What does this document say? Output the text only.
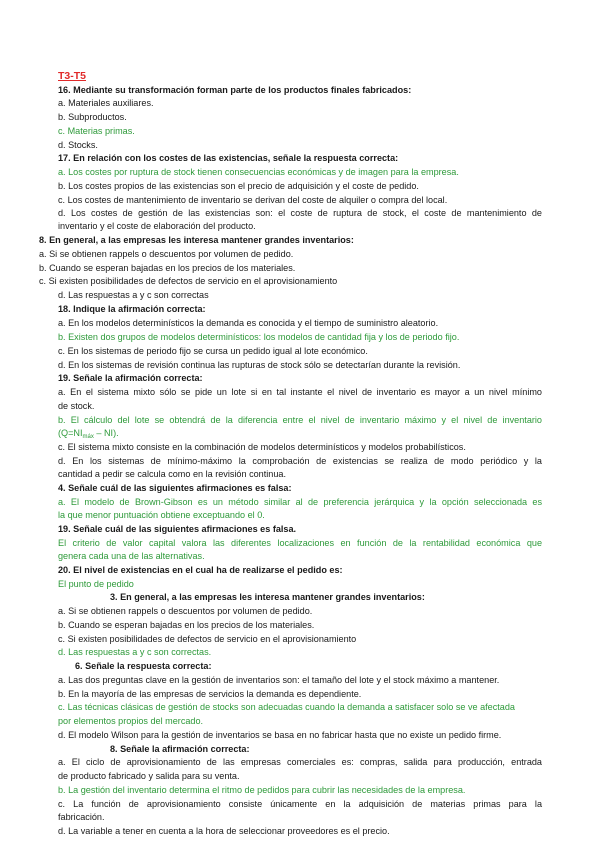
T3-T5
16. Mediante su transformación forman parte de los productos finales fabricados:
a. Materiales auxiliares.
b. Subproductos.
c. Materias primas.
d. Stocks.
17. En relación con los costes de las existencias, señale la respuesta correcta:
a. Los costes por ruptura de stock tienen consecuencias económicas y de imagen para la empresa.
b. Los costes propios de las existencias son el precio de adquisición y el coste de pedido.
c. Los costes de mantenimiento de inventario se derivan del coste de alquiler o compra del local.
d. Los costes de gestión de las existencias son: el coste de ruptura de stock, el coste de mantenimiento de
inventario y el coste de elaboración del producto.
8. En general, a las empresas les interesa mantener grandes inventarios:
a. Si se obtienen rappels o descuentos por volumen de pedido.
b. Cuando se esperan bajadas en los precios de los materiales.
c. Si existen posibilidades de defectos de servicio en el aprovisionamiento
d. Las respuestas a y c son correctas
18. Indique la afirmación correcta:
a. En los modelos determinísticos la demanda es conocida y el tiempo de suministro aleatorio.
b. Existen dos grupos de modelos determinísticos: los modelos de cantidad fija y los de periodo fijo.
c. En los sistemas de periodo fijo se cursa un pedido igual al lote económico.
d. En los sistemas de revisión continua las rupturas de stock sólo se detectarían durante la revisión.
19. Señale la afirmación correcta:
a. En el sistema mixto sólo se pide un lote si en tal instante el nivel de inventario es mayor a un nivel mínimo
de stock.
b. El cálculo del lote se obtendrá de la diferencia entre el nivel de inventario máximo y el nivel de inventario
$(Q=NI_{máx} - NI)$.
c. El sistema mixto consiste en la combinación de modelos determinísticos y modelos probabilísticos.
d. En los sistemas de mínimo-máximo la comprobación de existencias se realiza de modo periódico y la
cantidad a pedir se calcula como en la revisión continua.
4. Señale cuál de las siguientes afirmaciones es falsa:
a. El modelo de Brown-Gibson es un método similar al de preferencia jerárquica y la opción seleccionada es
la que menor puntuación obtiene exceptuando el 0.
19. Señale cuál de las siguientes afirmaciones es falsa.
El criterio de valor capital valora las diferentes localizaciones en función de la rentabilidad económica que
genera cada una de las alternativas.
20. El nivel de existencias en el cual ha de realizarse el pedido es:
El punto de pedido
3. En general, a las empresas les interesa mantener grandes inventarios:
a. Si se obtienen rappels o descuentos por volumen de pedido.
b. Cuando se esperan bajadas en los precios de los materiales.
c. Si existen posibilidades de defectos de servicio en el aprovisionamiento
d. Las respuestas a y c son correctas.
6. Señale la respuesta correcta:
a. Las dos preguntas clave en la gestión de inventarios son: el tamaño del lote y el stock máximo a mantener.
b. En la mayoría de las empresas de servicios la demanda es dependiente.
c. Las técnicas clásicas de gestión de stocks son adecuadas cuando la demanda a satisfacer solo se ve afectada
por elementos propios del mercado.
d. El modelo Wilson para la gestión de inventarios se basa en no fabricar hasta que no existe un pedido firme.
8. Señale la afirmación correcta:
a. El ciclo de aprovisionamiento de las empresas comerciales es: compras, salida para producción, entrada
de producto fabricado y salida para su venta.
b. La gestión del inventario determina el ritmo de pedidos para cubrir las necesidades de la empresa.
c. La función de aprovisionamiento consiste únicamente en la adquisición de materias primas para la
fabricación.
d. La variable a tener en cuenta a la hora de seleccionar proveedores es el precio.
